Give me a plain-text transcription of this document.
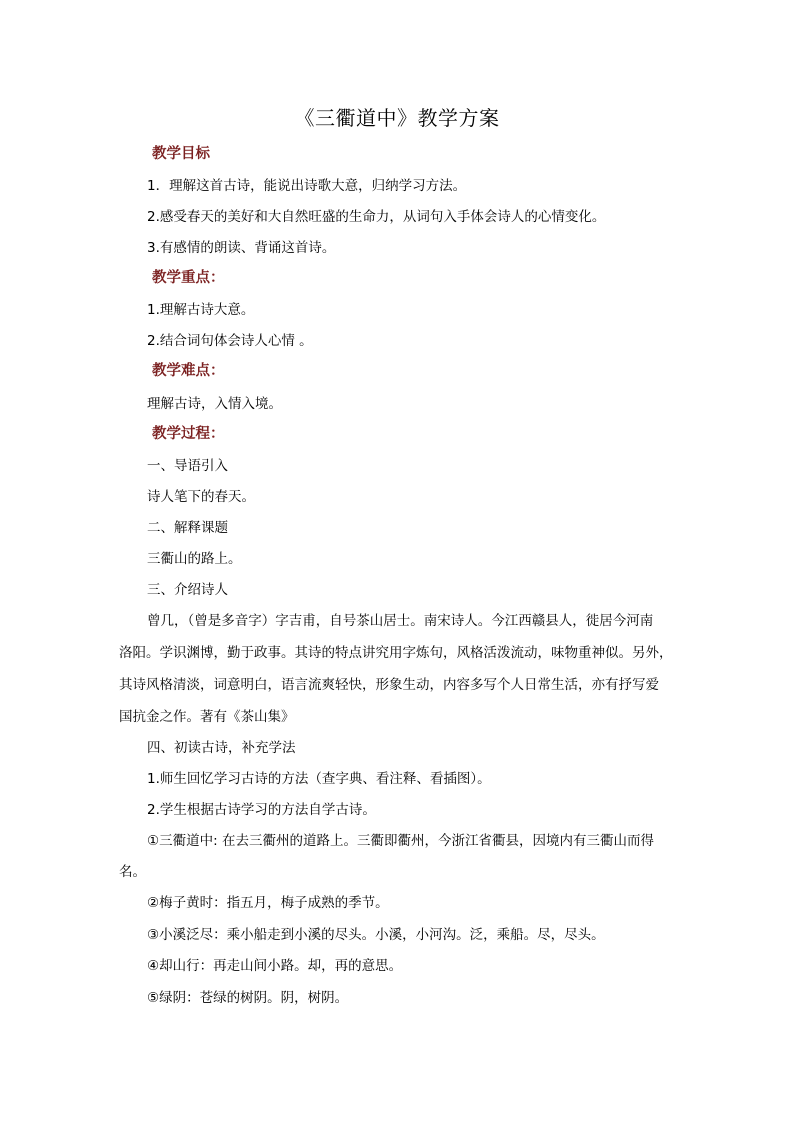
《三衢道中》教学方案
教学目标
1．理解这首古诗，能说出诗歌大意，归纳学习方法。
2.感受春天的美好和大自然旺盛的生命力，从词句入手体会诗人的心情变化。
3.有感情的朗读、背诵这首诗。
教学重点：
1.理解古诗大意。
2.结合词句体会诗人心情 。
教学难点：
理解古诗，入情入境。
教学过程：
一、导语引入
诗人笔下的春天。
二、解释课题
三衢山的路上。
三、介绍诗人
曾几，（曾是多音字）字吉甫，自号茶山居士。南宋诗人。今江西赣县人，徙居今河南
洛阳。学识渊博，勤于政事。其诗的特点讲究用字炼句，风格活泼流动，味物重神似。另外，
其诗风格清淡，词意明白，语言流爽轻快，形象生动，内容多写个人日常生活，亦有抒写爱
国抗金之作。著有《茶山集》
四、初读古诗，补充学法
1.师生回忆学习古诗的方法（查字典、看注释、看插图）。
2.学生根据古诗学习的方法自学古诗。
①三衢道中: 在去三衢州的道路上。三衢即衢州，今浙江省衢县，因境内有三衢山而得
名。
②梅子黄时：指五月，梅子成熟的季节。
③小溪泛尽：乘小船走到小溪的尽头。小溪，小河沟。泛，乘船。尽，尽头。
④却山行：再走山间小路。却，再的意思。
⑤绿阴：苍绿的树阴。阴，树阴。
